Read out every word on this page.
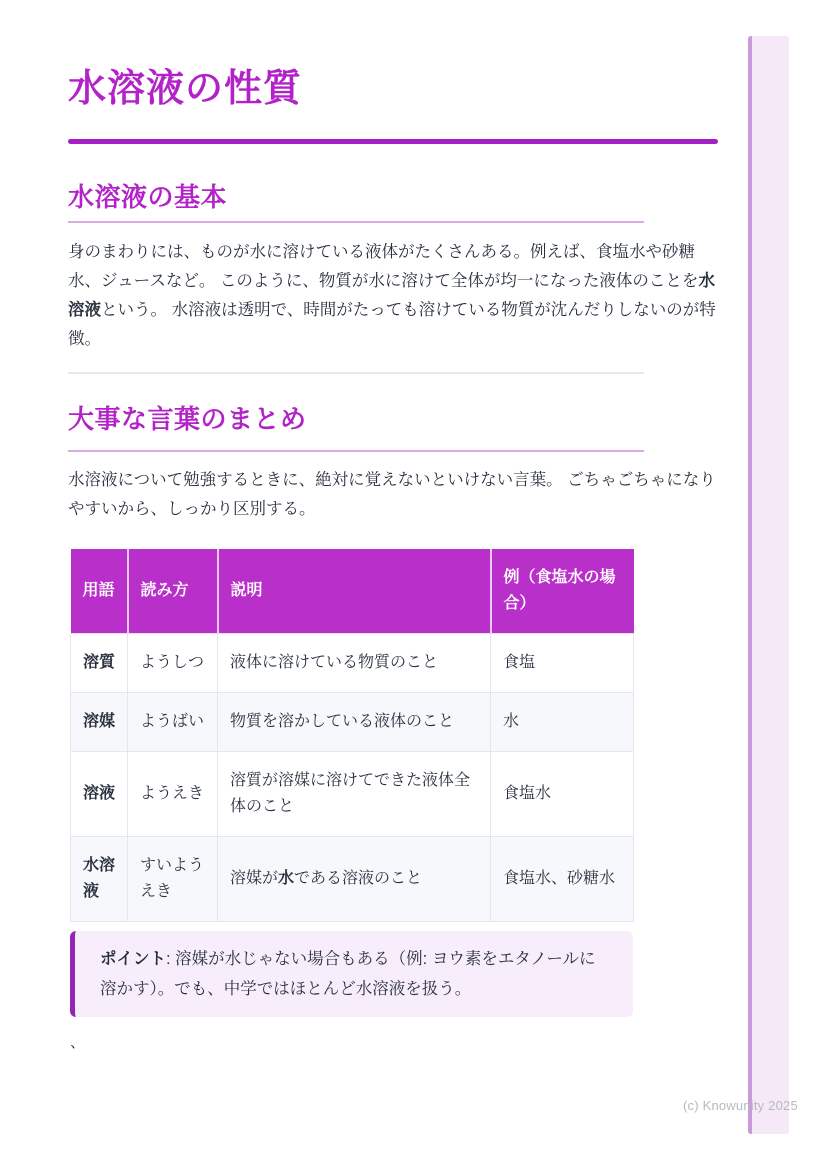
水溶液の性質
水溶液の基本

身のまわりには、ものが水に溶けている液体がたくさんある。例えば、食塩水や砂糖水、ジュースなど。 このように、物質が水に溶けて全体が均一になった液体のことを水溶液という。 水溶液は透明で、時間がたっても溶けている物質が沈んだりしないのが特徴。

大事な言葉のまとめ

水溶液について勉強するときに、絶対に覚えないといけない言葉。 ごちゃごちゃになりやすいから、しっかり区別する。

用語	読み方	説明	例（食塩水の場合）
溶質	ようしつ	液体に溶けている物質のこと	食塩
溶媒	ようばい	物質を溶かしている液体のこと	水
溶液	ようえき	溶質が溶媒に溶けてできた液体全体のこと	食塩水
水溶液	すいようえき	溶媒が水である溶液のこと	食塩水、砂糖水
ポイント: 溶媒が水じゃない場合もある（例: ヨウ素をエタノールに溶かす）。でも、中学ではほとんど水溶液を扱う。
、
(c) Knowunity 2025
